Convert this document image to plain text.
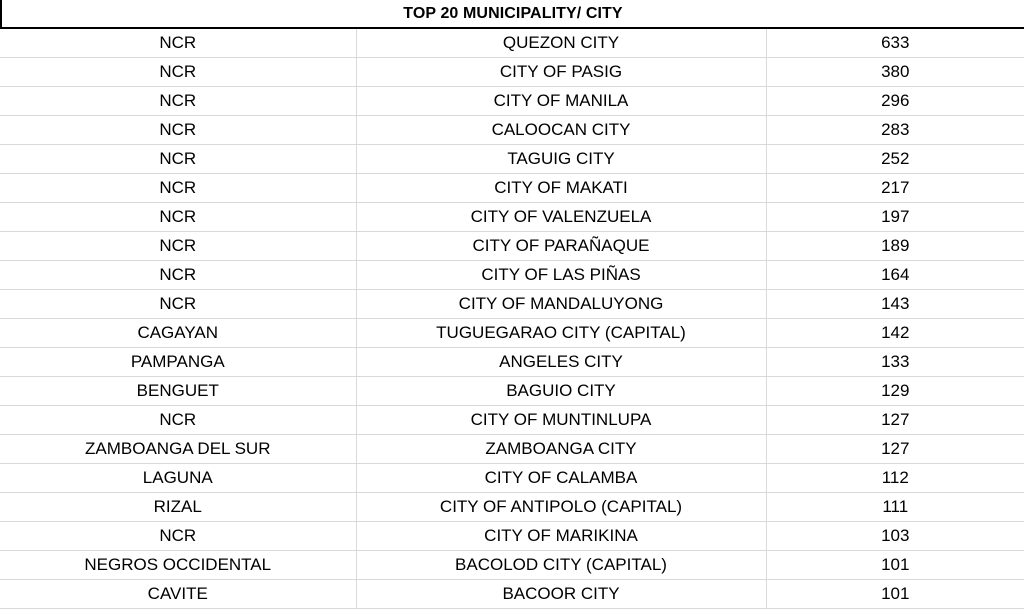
TOP 20 MUNICIPALITY/ CITY
NCR	QUEZON CITY	633
NCR	CITY OF PASIG	380
NCR	CITY OF MANILA	296
NCR	CALOOCAN CITY	283
NCR	TAGUIG CITY	252
NCR	CITY OF MAKATI	217
NCR	CITY OF VALENZUELA	197
NCR	CITY OF PARAÑAQUE	189
NCR	CITY OF LAS PIÑAS	164
NCR	CITY OF MANDALUYONG	143
CAGAYAN	TUGUEGARAO CITY (CAPITAL)	142
PAMPANGA	ANGELES CITY	133
BENGUET	BAGUIO CITY	129
NCR	CITY OF MUNTINLUPA	127
ZAMBOANGA DEL SUR	ZAMBOANGA CITY	127
LAGUNA	CITY OF CALAMBA	112
RIZAL	CITY OF ANTIPOLO (CAPITAL)	111
NCR	CITY OF MARIKINA	103
NEGROS OCCIDENTAL	BACOLOD CITY (CAPITAL)	101
CAVITE	BACOOR CITY	101
